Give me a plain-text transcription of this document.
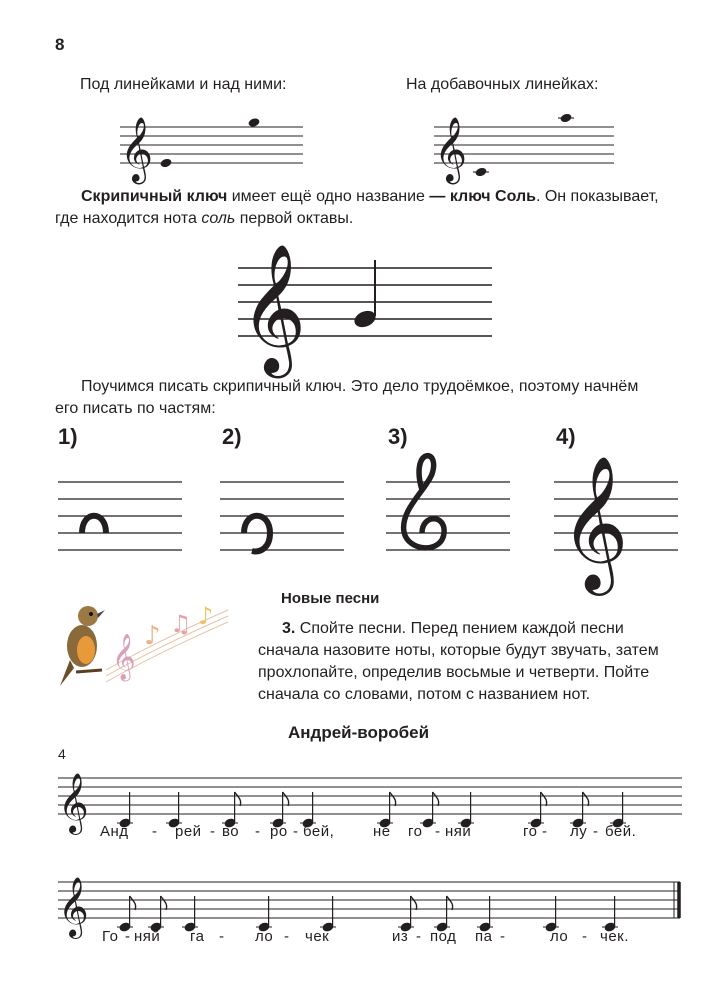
8
Под линейками и над ними:	На добавочных линейках:
𝄞	𝄞
Скрипичный ключ имеет ещё одно название — ключ Соль. Он показывает,
где находится нота соль первой октавы.
𝄞
Поучимся писать скрипичный ключ. Это дело трудоёмкое, поэтому начнём
его писать по частям:
1)	2)	3)	4)
𝄞
𝄞 ♪ ♫ ♪
Новые песни
3. Спойте песни. Перед пением каждой песни
сначала назовите ноты, которые будут звучать, затем
прохлопайте, определив восьмые и четверти. Пойте
сначала со словами, потом с названием нот.
Андрей-воробей
4
𝄞 Анд - рей - во - ро - бей,	не го - няй	го - лу - бей.
𝄞 Го - няй га - ло - чек	из - под па -	ло - чек.
